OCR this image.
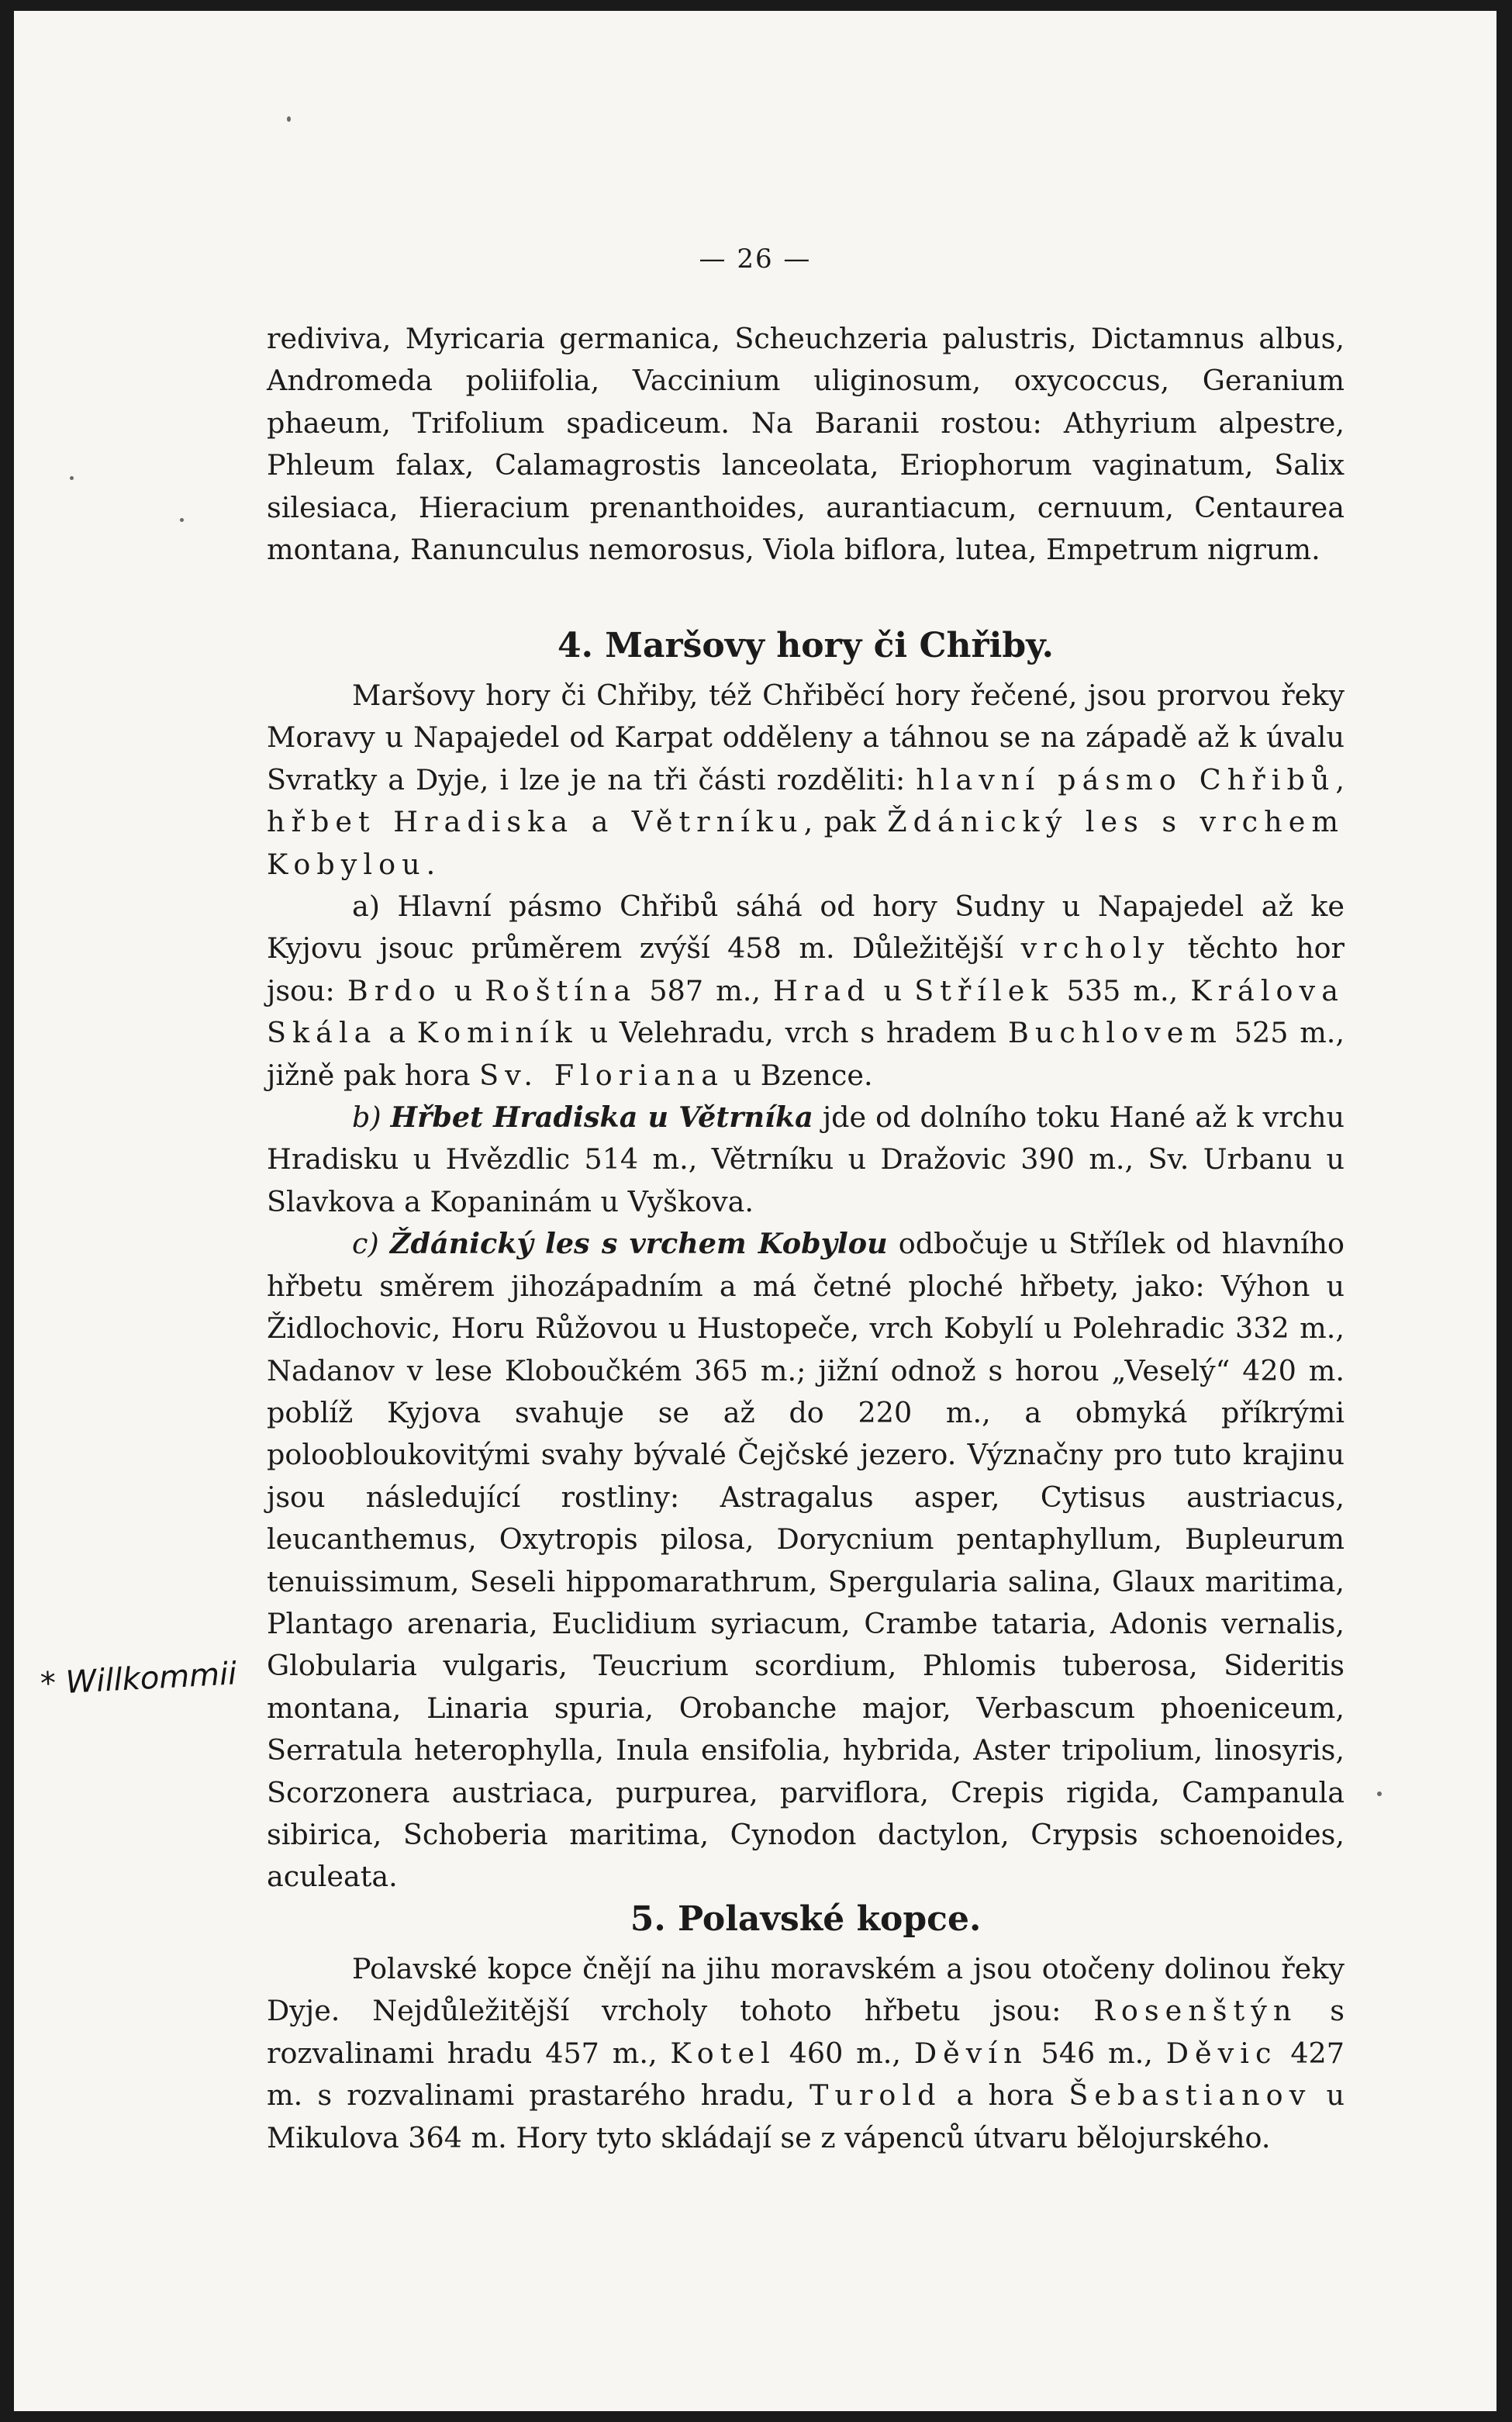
— 26 —

rediviva, Myricaria germanica, Scheuchzeria palustris, Dictamnus albus, Andromeda poliifolia, Vaccinium uliginosum, oxycoccus, Geranium phaeum, Trifolium spadiceum. Na Baranii rostou: Athyrium alpestre, Phleum falax, Calamagrostis lanceolata, Eriophorum vaginatum, Salix silesiaca, Hieracium prenanthoides, aurantiacum, cernuum, Centaurea montana, Ranunculus nemorosus, Viola biflora, lutea, Empetrum nigrum.

4. Maršovy hory či Chřiby.

Maršovy hory či Chřiby, též Chřiběcí hory řečené, jsou prorvou řeky Moravy u Napajedel od Karpat odděleny a táhnou se na západě až k úvalu Svratky a Dyje, i lze je na tři části rozděliti: hlavní pásmo Chřibů, hřbet Hradiska a Větrníku, pak Ždánický les s vrchem Kobylou.

a) Hlavní pásmo Chřibů sáhá od hory Sudny u Napajedel až ke Kyjovu jsouc průměrem zvýší 458 m. Důležitější vrcholy těchto hor jsou: Brdo u Roštína 587 m., Hrad u Střílek 535 m., Králova Skála a Kominík u Velehradu, vrch s hradem Buchlovem 525 m., jižně pak hora Sv. Floriana u Bzence.

b) Hřbet Hradiska u Větrníka jde od dolního toku Hané až k vrchu Hradisku u Hvězdlic 514 m., Větrníku u Dražovic 390 m., Sv. Urbanu u Slavkova a Kopaninám u Vyškova.

c) Ždánický les s vrchem Kobylou odbočuje u Střílek od hlavního hřbetu směrem jihozápadním a má četné ploché hřbety, jako: Výhon u Židlochovic, Horu Růžovou u Hustopeče, vrch Kobylí u Polehradic 332 m., Nadanov v lese Kloboučkém 365 m.; jižní odnož s horou „Veselý“ 420 m. poblíž Kyjova svahuje se až do 220 m., a obmyká příkrými poloobloukovitými svahy bývalé Čejčské jezero. Význačny pro tuto krajinu jsou následující rostliny: Astragalus asper, Cytisus austriacus, leucanthemus, Oxytropis pilosa, Dorycnium pentaphyllum, Bupleurum tenuissimum, Seseli hippomarathrum, Spergularia salina, Glaux maritima, Plantago arenaria, Euclidium syriacum, Crambe tataria, Adonis vernalis, Globularia vulgaris, Teucrium scordium, Phlomis tuberosa, Sideritis montana, Linaria spuria, Orobanche major, Verbascum phoeniceum, Serratula heterophylla, Inula ensifolia, hybrida, Aster tripolium, linosyris, Scorzonera austriaca, purpurea, parviflora, Crepis rigida, Campanula sibirica, Schoberia maritima, Cynodon dactylon, Crypsis schoenoides, aculeata.

5. Polavské kopce.

Polavské kopce čnějí na jihu moravském a jsou otočeny dolinou řeky Dyje. Nejdůležitější vrcholy tohoto hřbetu jsou: Rosenštýn s rozvalinami hradu 457 m., Kotel 460 m., Děvín 546 m., Děvic 427 m. s rozvalinami prastarého hradu, Turold a hora Šebastianov u Mikulova 364 m. Hory tyto skládají se z vápenců útvaru bělojurského.

* Willkommii
